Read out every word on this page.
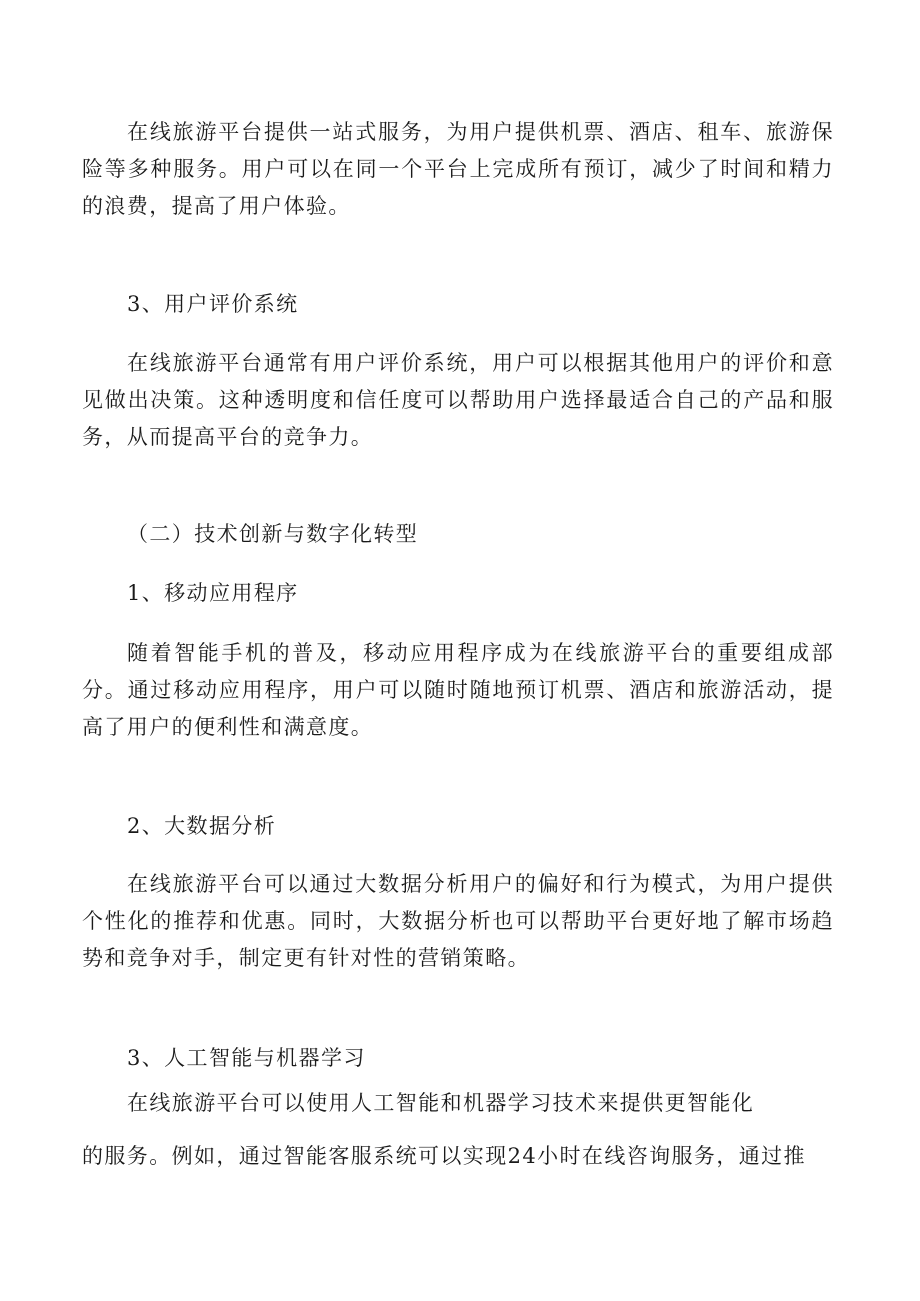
在线旅游平台提供一站式服务，为用户提供机票、酒店、租车、旅游保险等多种服务。用户可以在同一个平台上完成所有预订，减少了时间和精力的浪费，提高了用户体验。

3、用户评价系统

在线旅游平台通常有用户评价系统，用户可以根据其他用户的评价和意见做出决策。这种透明度和信任度可以帮助用户选择最适合自己的产品和服务，从而提高平台的竞争力。

（二）技术创新与数字化转型

1、移动应用程序

随着智能手机的普及，移动应用程序成为在线旅游平台的重要组成部分。通过移动应用程序，用户可以随时随地预订机票、酒店和旅游活动，提高了用户的便利性和满意度。

2、大数据分析

在线旅游平台可以通过大数据分析用户的偏好和行为模式，为用户提供个性化的推荐和优惠。同时，大数据分析也可以帮助平台更好地了解市场趋势和竞争对手，制定更有针对性的营销策略。

3、人工智能与机器学习

在线旅游平台可以使用人工智能和机器学习技术来提供更智能化

的服务。例如，通过智能客服系统可以实现24小时在线咨询服务，通过推
